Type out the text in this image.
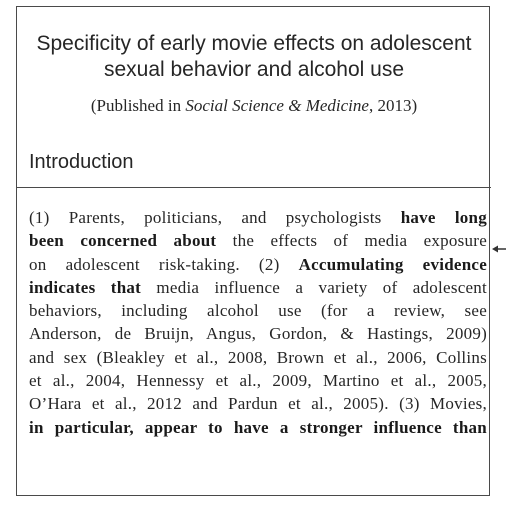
Specificity of early movie effects on adolescent
sexual behavior and alcohol use
(Published in Social Science & Medicine, 2013)
Introduction
(1) Parents, politicians, and psychologists have long
been concerned about the effects of media exposure
on adolescent risk-taking. (2) Accumulating evidence
indicates that media influence a variety of adolescent
behaviors, including alcohol use (for a review, see
Anderson, de Bruijn, Angus, Gordon, & Hastings, 2009)
and sex (Bleakley et al., 2008, Brown et al., 2006, Collins
et al., 2004, Hennessy et al., 2009, Martino et al., 2005,
O’Hara et al., 2012 and Pardun et al., 2005). (3) Movies,
in particular, appear to have a stronger influence than
